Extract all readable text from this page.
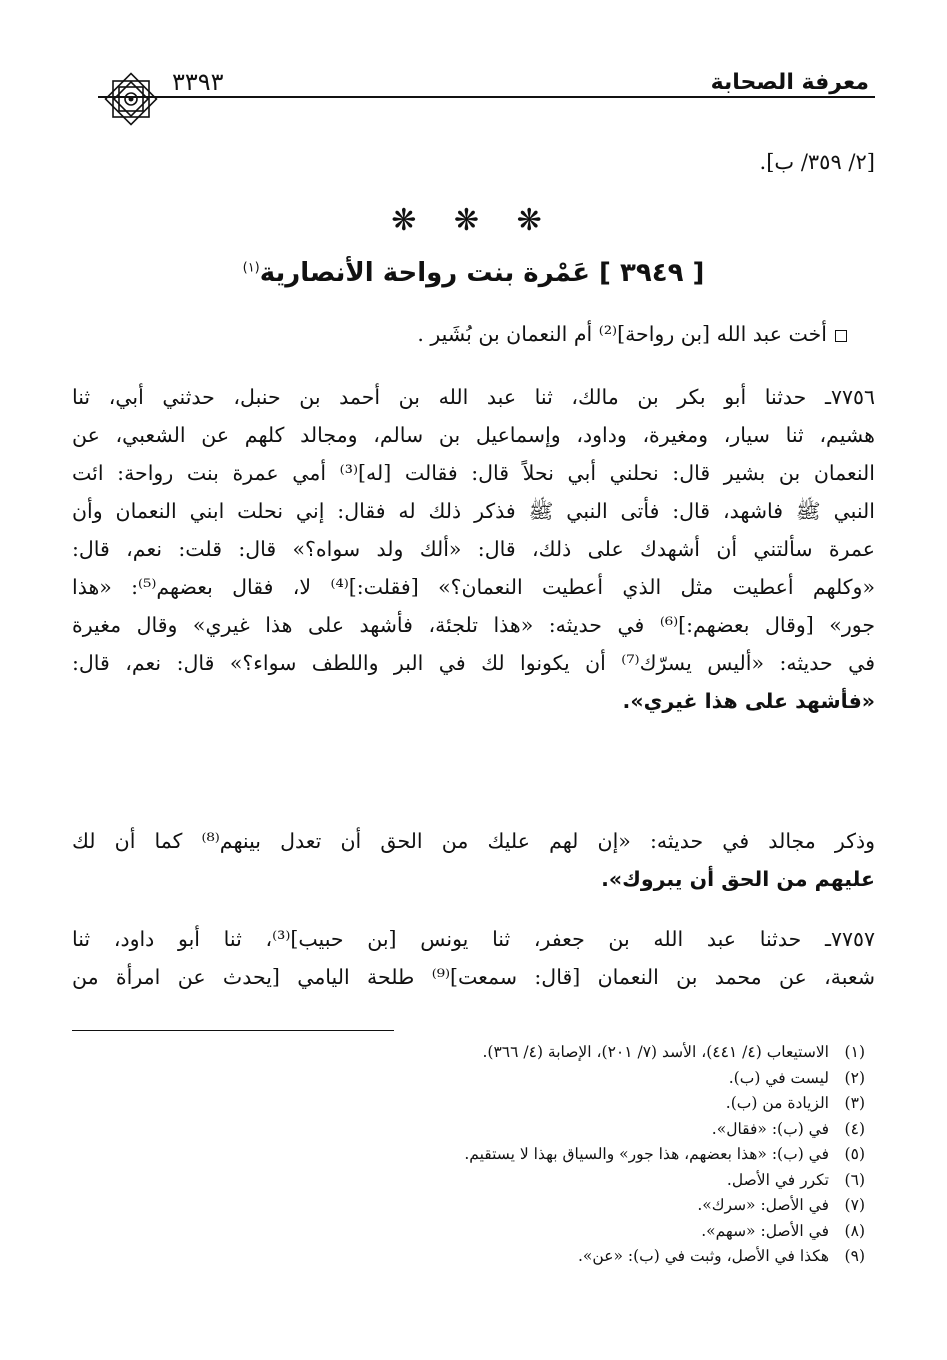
معرفة الصحابة
٣٣٩٣
[٢/ ٣٥٩/ ب].
❋ ❋ ❋
[ ٣٩٤٩ ] عَمْرة بنت رواحة الأنصارية$^{(١)}$
أخت عبد الله [بن رواحة]⁽²⁾ أم النعمان بن بُشَير .
٧٧٥٦ـ حدثنا أبو بكر بن مالك، ثنا عبد الله بن أحمد بن حنبل، حدثني أبي، ثنا
هشيم، ثنا سيار، ومغيرة، وداود، وإسماعيل بن سالم، ومجالد كلهم عن الشعبي، عن
النعمان بن بشير قال: نحلني أبي نحلاً قال: فقالت [له]⁽³⁾ أمي عمرة بنت رواحة: ائت
النبي ﷺ فاشهد، قال: فأتى النبي ﷺ فذكر ذلك له فقال: إني نحلت ابني النعمان وأن
عمرة سألتني أن أشهدك على ذلك، قال: «ألك ولد سواه؟» قال: قلت: نعم، قال:
«وكلهم أعطيت مثل الذي أعطيت النعمان؟» [فقلت:]⁽⁴⁾ لا، فقال بعضهم⁽⁵⁾: «هذا
جور» [وقال بعضهم:]⁽⁶⁾ في حديثه: «هذا تلجئة، فأشهد على هذا غيري» وقال مغيرة
في حديثه: «أليس يسرّك⁽⁷⁾ أن يكونوا لك في البر واللطف سواء؟» قال: نعم، قال:
«فأشهد على هذا غيري».
وذكر مجالد في حديثه: «إن لهم عليك من الحق أن تعدل بينهم⁽⁸⁾ كما أن لك
عليهم من الحق أن يبروك».
٧٧٥٧ـ حدثنا عبد الله بن جعفر، ثنا يونس [بن حبيب]⁽³⁾، ثنا أبو داود، ثنا
شعبة، عن محمد بن النعمان [قال: سمعت]⁽⁹⁾ طلحة اليامي [يحدث عن امرأة من
(١)الاستيعاب (٤/ ٤٤١)، الأسد (٧/ ٢٠١)، الإصابة (٤/ ٣٦٦).
(٢)ليست في (ب).
(٣)الزيادة من (ب).
(٤)في (ب): «فقال».
(٥)في (ب): «هذا بعضهم، هذا جور» والسياق بهذا لا يستقيم.
(٦)تكرر في الأصل.
(٧)في الأصل: «سرك».
(٨)في الأصل: «سهم».
(٩)هكذا في الأصل، وثبت في (ب): «عن».
